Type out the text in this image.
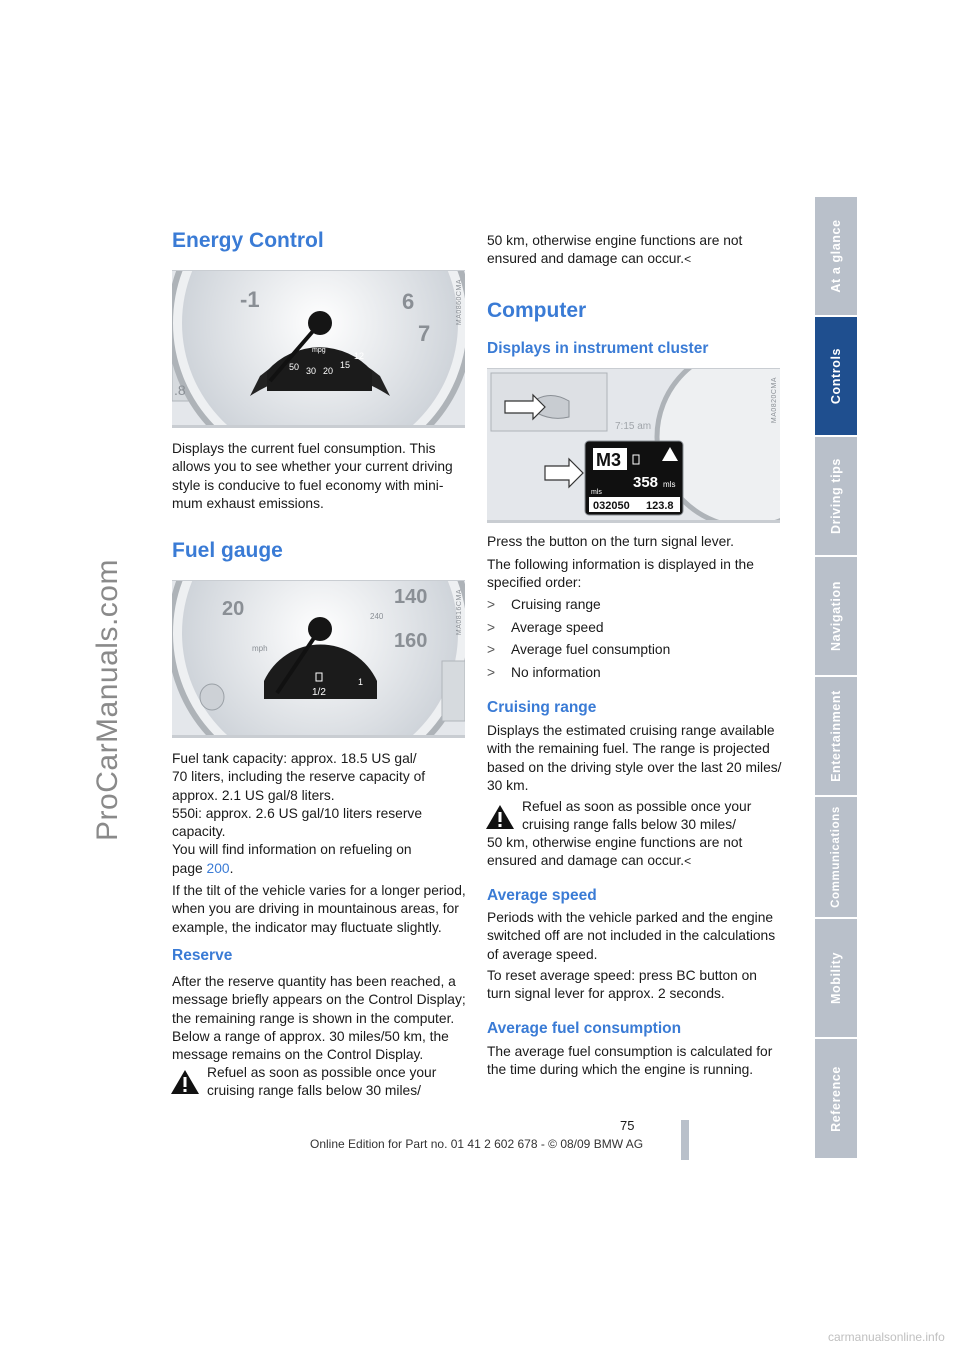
ProCarManuals.com
Energy Control
-1	6
7
50 30 20
15
12
mpg
.8
MA0860CMA
Displays the current fuel consumption. This
allows you to see whether your current driving
style is conducive to fuel economy with mini-
mum exhaust emissions.
Fuel gauge
20
140
240
160
mph
1/2
1
MA0816CMA
Fuel tank capacity: approx. 18.5 US gal/
70 liters, including the reserve capacity of
approx. 2.1 US gal/8 liters.
550i: approx. 2.6 US gal/10 liters reserve
capacity.
You will find information on refueling on
page 200.
If the tilt of the vehicle varies for a longer period,
when you are driving in mountainous areas, for
example, the indicator may fluctuate slightly.
Reserve
After the reserve quantity has been reached, a
message briefly appears on the Control Display;
the remaining range is shown in the computer.
Below a range of approx. 30 miles/50 km, the
message remains on the Control Display.
Refuel as soon as possible once your
cruising range falls below 30 miles/
50 km, otherwise engine functions are not
ensured and damage can occur.<
Computer
Displays in instrument cluster
M3
358 mls
mls
032050 123.8
7:15 am
MA0820CMA
Press the button on the turn signal lever.
The following information is displayed in the
specified order:
> Cruising range
> Average speed
> Average fuel consumption
> No information
Cruising range
Displays the estimated cruising range available
with the remaining fuel. The range is projected
based on the driving style over the last 20 miles/
30 km.
Refuel as soon as possible once your
cruising range falls below 30 miles/
50 km, otherwise engine functions are not
ensured and damage can occur.<
Average speed
Periods with the vehicle parked and the engine
switched off are not included in the calculations
of average speed.
To reset average speed: press BC button on
turn signal lever for approx. 2 seconds.
Average fuel consumption
The average fuel consumption is calculated for
the time during which the engine is running.
At a glance
Controls
Driving tips
Navigation
Entertainment
Communications
Mobility
Reference
75
Online Edition for Part no. 01 41 2 602 678 - © 08/09 BMW AG
carmanualsonline.info
